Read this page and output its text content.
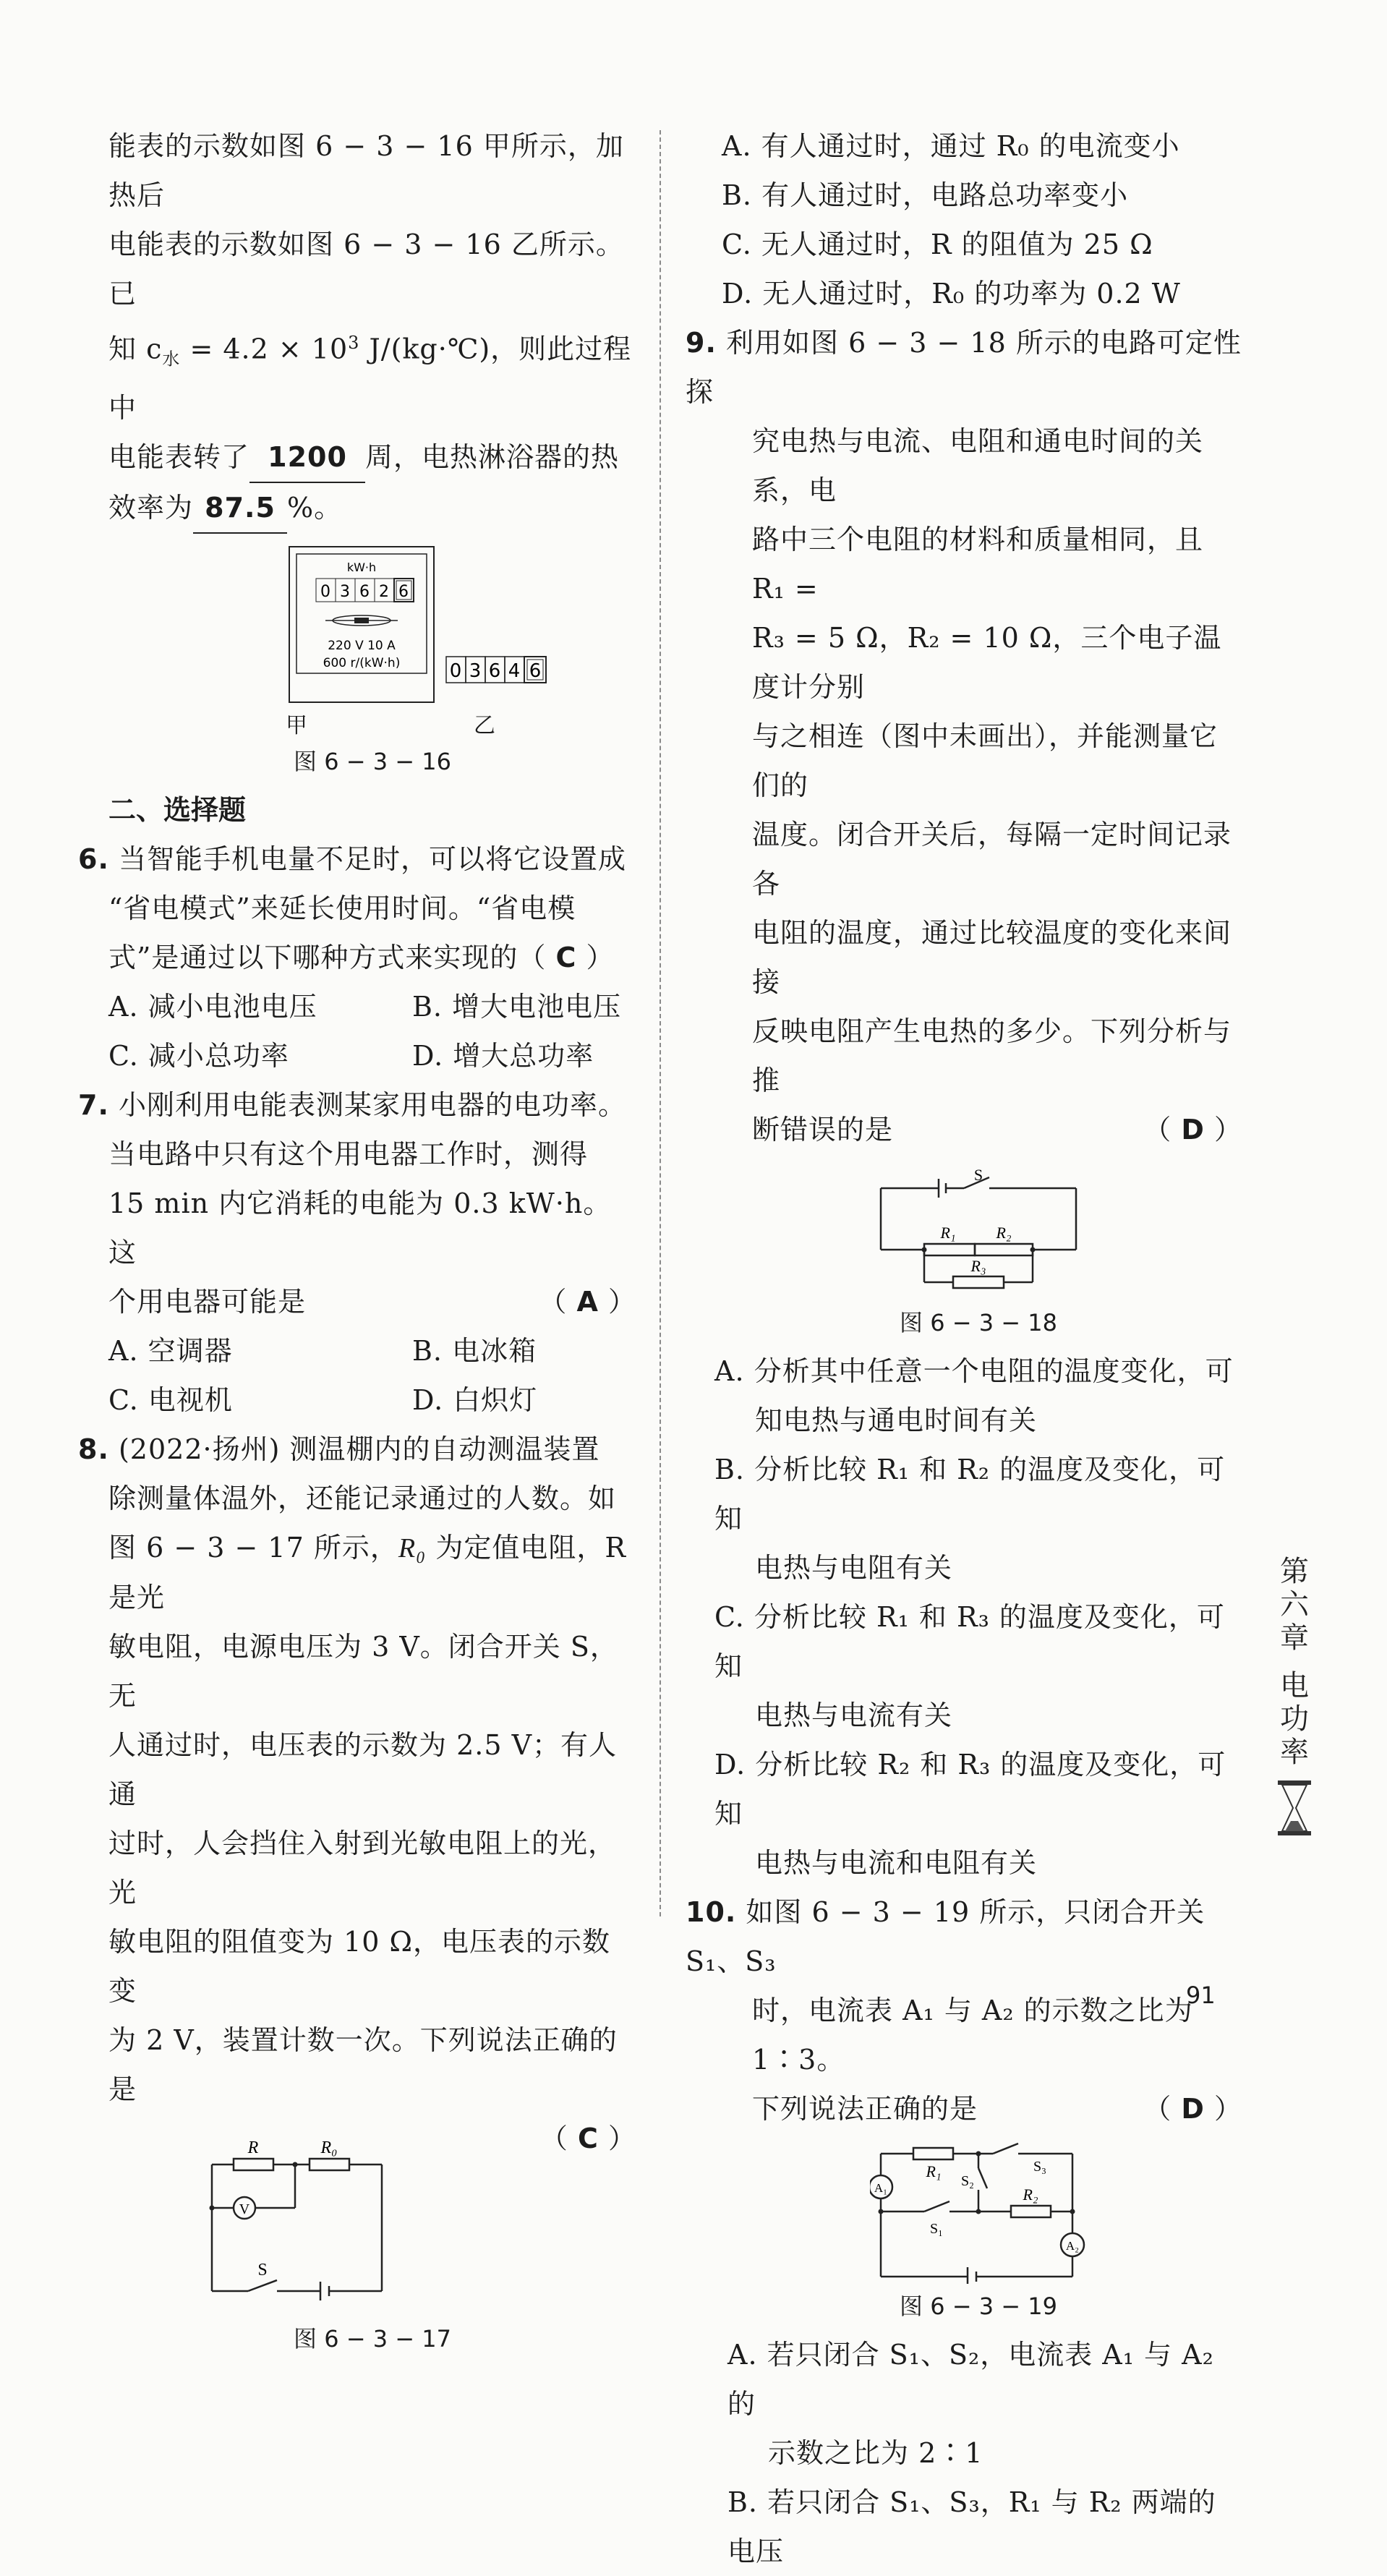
能表的示数如图 6 − 3 − 16 甲所示，加热后

电能表的示数如图 6 − 3 − 16 乙所示。已

知 $c_水 = 4.2 \times 10^3$ J/(kg·℃)，则此过程中

电能表转了 1200 周，电热淋浴器的热

效率为 87.5 %。

kW·h
0 3 6 2 6
220 V 10 A
600 r/(kW·h)	0 3 6 4 6
甲	乙
图 6 − 3 − 16
二、选择题

6. 当智能手机电量不足时，可以将它设置成

“省电模式”来延长使用时间。“省电模

式”是通过以下哪种方式来实现的（ C ）

A. 减小电池电压	B. 增大电池电压
C. 减小总功率	D. 增大总功率

7. 小刚利用电能表测某家用电器的电功率。

当电路中只有这个用电器工作时，测得

15 min 内它消耗的电能为 0.3 kW·h。这

个用电器可能是	（ A ）

A. 空调器	B. 电冰箱
C. 电视机	D. 白炽灯

8. (2022·扬州) 测温棚内的自动测温装置

除测量体温外，还能记录通过的人数。如

图 6 − 3 − 17 所示，R₀ 为定值电阻，R 是光

敏电阻，电源电压为 3 V。闭合开关 S，无

人通过时，电压表的示数为 2.5 V；有人通

过时，人会挡住入射到光敏电阻上的光，光

敏电阻的阻值变为 10 Ω，电压表的示数变

为 2 V，装置计数一次。下列说法正确的是

（ C ）

R	R₀
V
S
图 6 − 3 − 17

A. 有人通过时，通过 R₀ 的电流变小

B. 有人通过时，电路总功率变小

C. 无人通过时，R 的阻值为 25 Ω

D. 无人通过时，R₀ 的功率为 0.2 W

9. 利用如图 6 − 3 − 18 所示的电路可定性探

究电热与电流、电阻和通电时间的关系，电

路中三个电阻的材料和质量相同，且 R₁ =

R₃ = 5 Ω，R₂ = 10 Ω，三个电子温度计分别

与之相连（图中未画出），并能测量它们的

温度。闭合开关后，每隔一定时间记录各

电阻的温度，通过比较温度的变化来间接

反映电阻产生电热的多少。下列分析与推

断错误的是	（ D ）

S
R₁	R₂
R₃
图 6 − 3 − 18

A. 分析其中任意一个电阻的温度变化，可

知电热与通电时间有关

B. 分析比较 R₁ 和 R₂ 的温度及变化，可知

电热与电阻有关

C. 分析比较 R₁ 和 R₃ 的温度及变化，可知

电热与电流有关

D. 分析比较 R₂ 和 R₃ 的温度及变化，可知

电热与电流和电阻有关

10. 如图 6 − 3 − 19 所示，只闭合开关 S₁、S₃

时，电流表 A₁ 与 A₂ 的示数之比为 1∶3。

下列说法正确的是	（ D ）

A₁
A₂
R₁
R₂
S₁
S₂
S₃
图 6 − 3 − 19

A. 若只闭合 S₁、S₂，电流表 A₁ 与 A₂ 的

示数之比为 2∶1

B. 若只闭合 S₁、S₃，R₁ 与 R₂ 两端的电压

第
六
章
电
功
率
91
